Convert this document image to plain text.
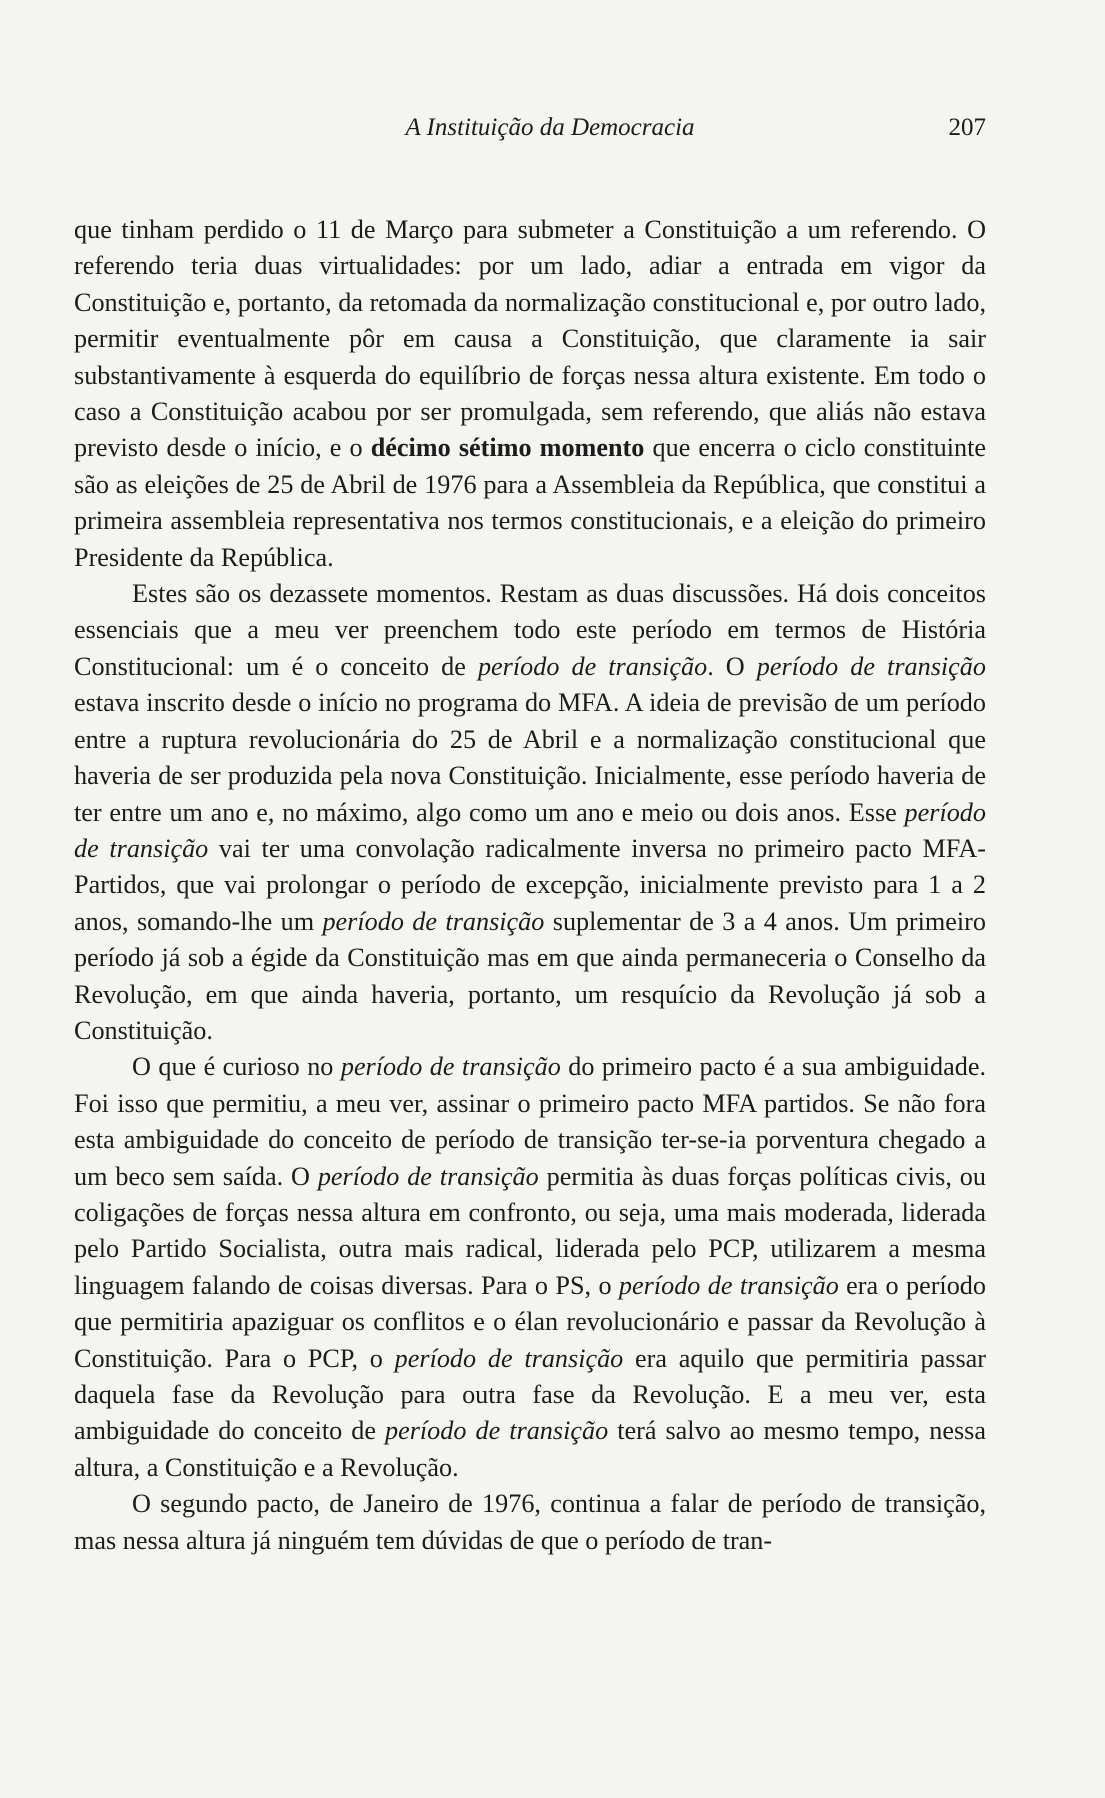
A Instituição da Democracia	207

que tinham perdido o 11 de Março para submeter a Constituição a um referendo. O referendo teria duas virtualidades: por um lado, adiar a entrada em vigor da Constituição e, portanto, da retomada da normalização constitucional e, por outro lado, permitir eventualmente pôr em causa a Constituição, que claramente ia sair substantivamente à esquerda do equilíbrio de forças nessa altura existente. Em todo o caso a Constituição acabou por ser promulgada, sem referendo, que aliás não estava previsto desde o início, e o décimo sétimo momento que encerra o ciclo constituinte são as eleições de 25 de Abril de 1976 para a Assembleia da República, que constitui a primeira assembleia representativa nos termos constitucionais, e a eleição do primeiro Presidente da República.

Estes são os dezassete momentos. Restam as duas discussões. Há dois conceitos essenciais que a meu ver preenchem todo este período em termos de História Constitucional: um é o conceito de período de transição. O período de transição estava inscrito desde o início no programa do MFA. A ideia de previsão de um período entre a ruptura revolucionária do 25 de Abril e a normalização constitucional que haveria de ser produzida pela nova Constituição. Inicialmente, esse período haveria de ter entre um ano e, no máximo, algo como um ano e meio ou dois anos. Esse período de transição vai ter uma convolação radicalmente inversa no primeiro pacto MFA-Partidos, que vai prolongar o período de excepção, inicialmente previsto para 1 a 2 anos, somando-lhe um período de transição suplementar de 3 a 4 anos. Um primeiro período já sob a égide da Constituição mas em que ainda permaneceria o Conselho da Revolução, em que ainda haveria, portanto, um resquício da Revolução já sob a Constituição.

O que é curioso no período de transição do primeiro pacto é a sua ambiguidade. Foi isso que permitiu, a meu ver, assinar o primeiro pacto MFA partidos. Se não fora esta ambiguidade do conceito de período de transição ter-se-ia porventura chegado a um beco sem saída. O período de transição permitia às duas forças políticas civis, ou coligações de forças nessa altura em confronto, ou seja, uma mais moderada, liderada pelo Partido Socialista, outra mais radical, liderada pelo PCP, utilizarem a mesma linguagem falando de coisas diversas. Para o PS, o período de transição era o período que permitiria apaziguar os conflitos e o élan revolucionário e passar da Revolução à Constituição. Para o PCP, o período de transição era aquilo que permitiria passar daquela fase da Revolução para outra fase da Revolução. E a meu ver, esta ambiguidade do conceito de período de transição terá salvo ao mesmo tempo, nessa altura, a Constituição e a Revolução.

O segundo pacto, de Janeiro de 1976, continua a falar de período de transição, mas nessa altura já ninguém tem dúvidas de que o período de tran-
